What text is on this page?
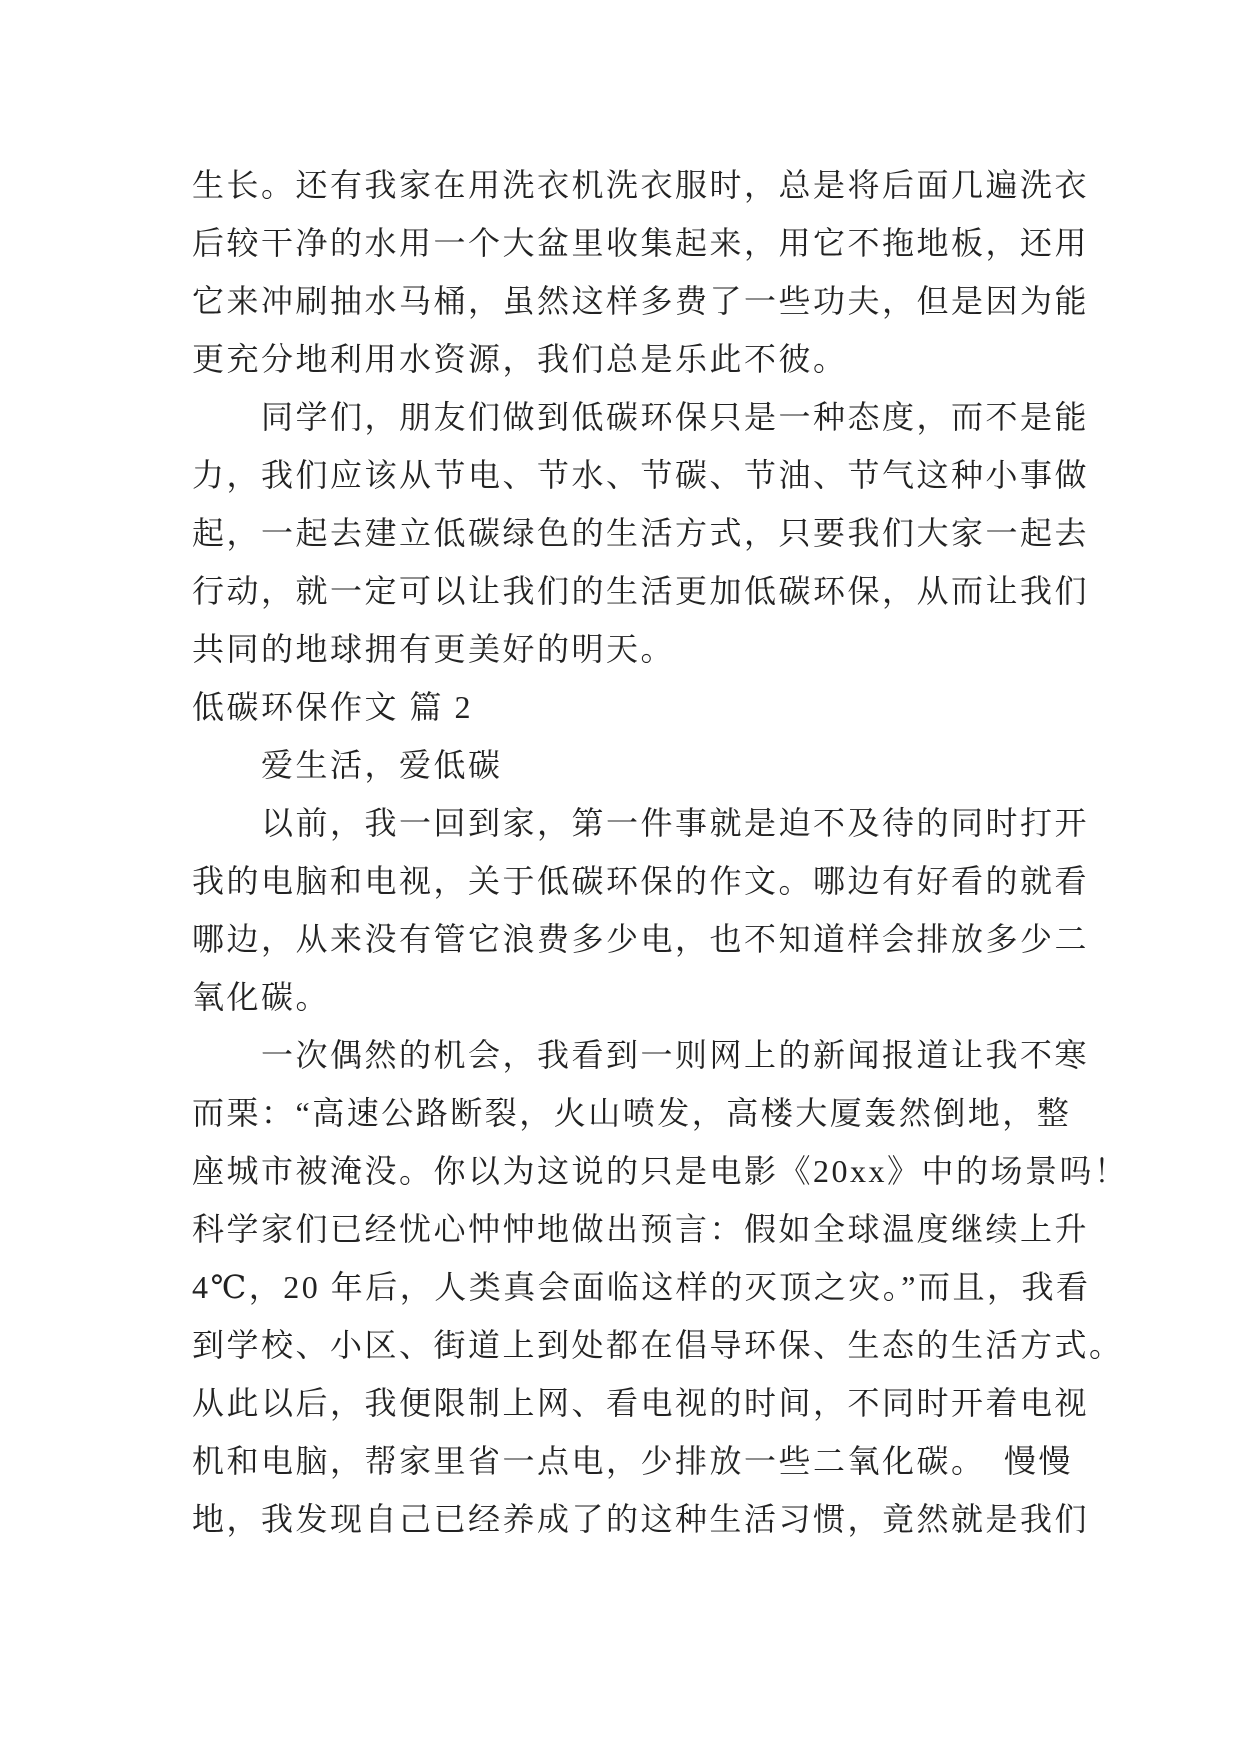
生长。还有我家在用洗衣机洗衣服时，总是将后面几遍洗衣
后较干净的水用一个大盆里收集起来，用它不拖地板，还用
它来冲刷抽水马桶，虽然这样多费了一些功夫，但是因为能
更充分地利用水资源，我们总是乐此不彼。
同学们，朋友们做到低碳环保只是一种态度，而不是能
力，我们应该从节电、节水、节碳、节油、节气这种小事做
起，一起去建立低碳绿色的生活方式，只要我们大家一起去
行动，就一定可以让我们的生活更加低碳环保，从而让我们
共同的地球拥有更美好的明天。
低碳环保作文 篇 2
爱生活，爱低碳
以前，我一回到家，第一件事就是迫不及待的同时打开
我的电脑和电视，关于低碳环保的作文。哪边有好看的就看
哪边，从来没有管它浪费多少电，也不知道样会排放多少二
氧化碳。
一次偶然的机会，我看到一则网上的新闻报道让我不寒
而栗：“高速公路断裂，火山喷发，高楼大厦轰然倒地，整
座城市被淹没。你以为这说的只是电影《20xx》中的场景吗！
科学家们已经忧心忡忡地做出预言：假如全球温度继续上升
4℃，20 年后，人类真会面临这样的灭顶之灾。”而且，我看
到学校、小区、街道上到处都在倡导环保、生态的生活方式。
从此以后，我便限制上网、看电视的时间，不同时开着电视
机和电脑，帮家里省一点电，少排放一些二氧化碳。　慢慢
地，我发现自己已经养成了的这种生活习惯，竟然就是我们
